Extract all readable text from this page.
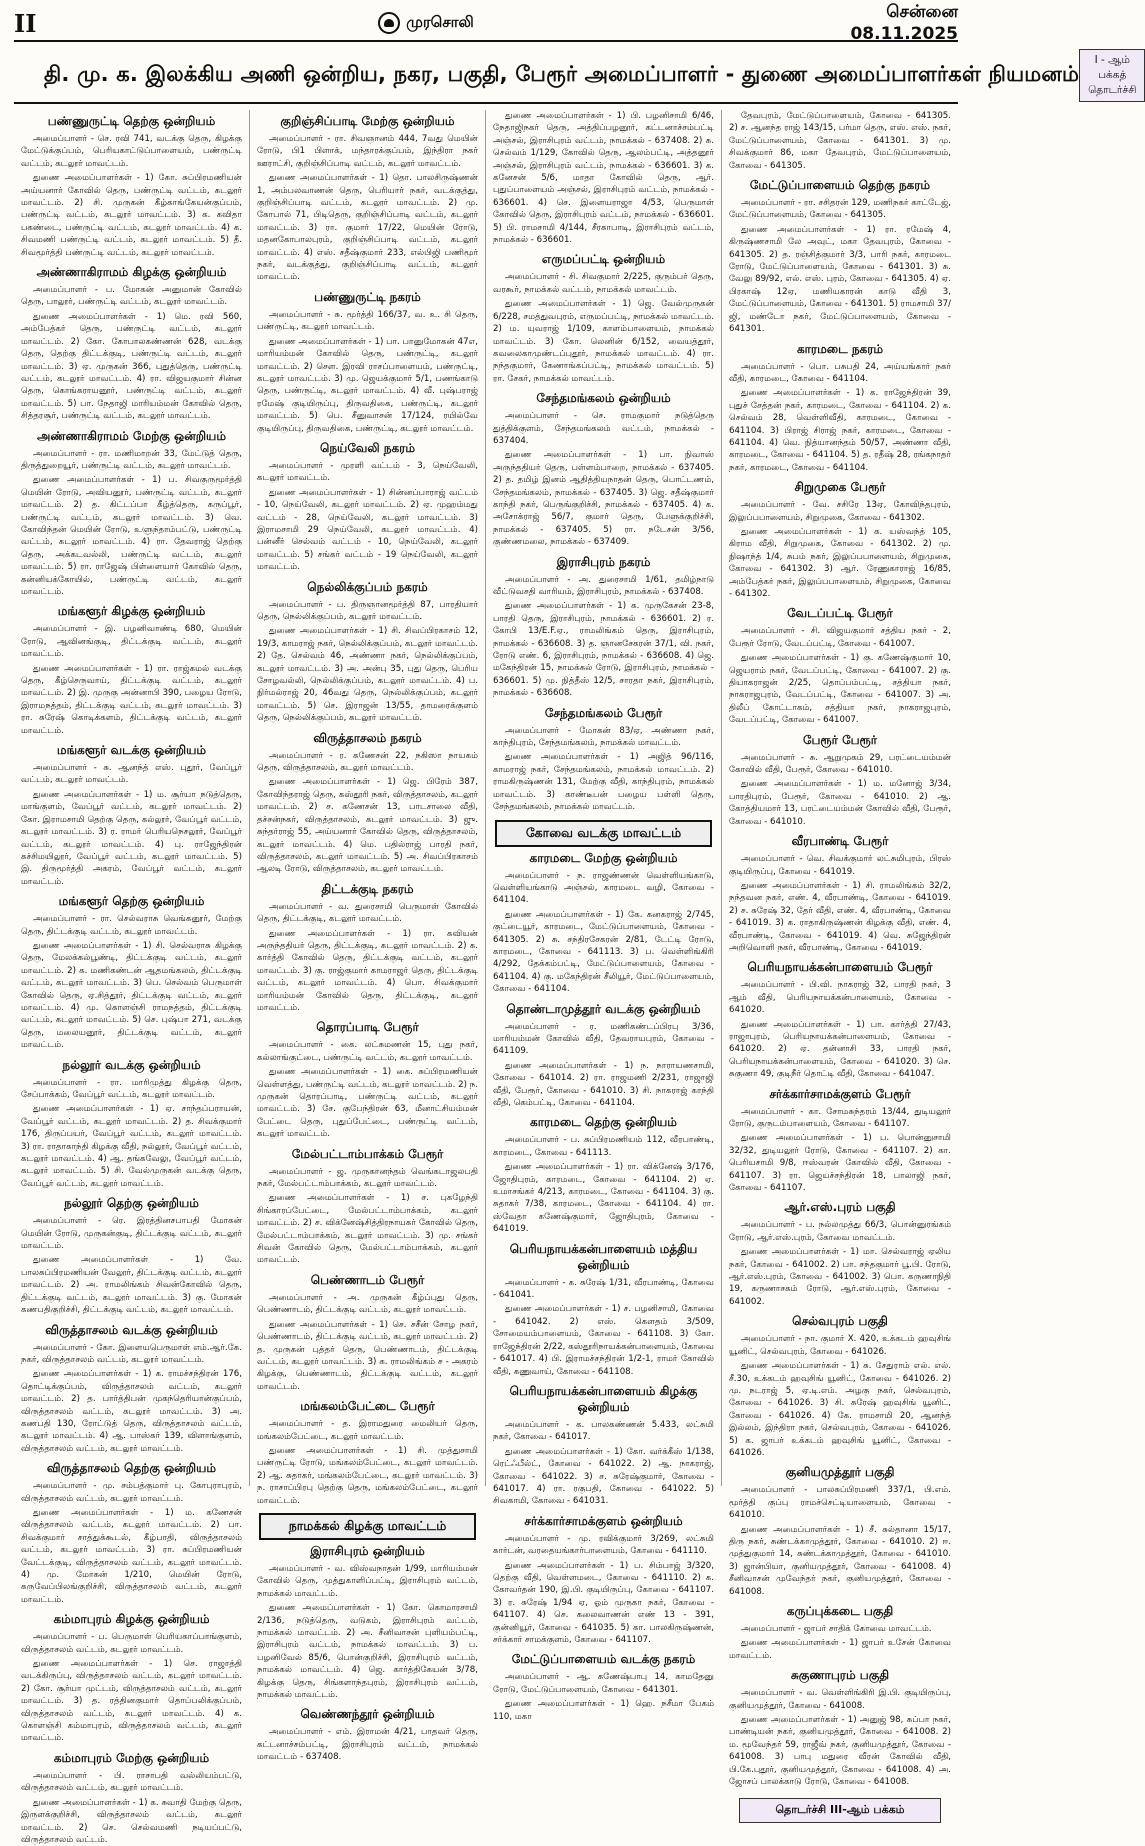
II	முரசொலி	சென்னை 08.11.2025
தி. மு. க. இலக்கிய அணி ஒன்றிய, நகர, பகுதி, பேரூர் அமைப்பாளர் - துணை அமைப்பாளர்கள் நியமனம்
I - ஆம் பக்கத் தொடர்ச்சி
பண்ணுருட்டி தெற்கு ஒன்றியம்

அமைப்பாளர் - செ. ரவி 741, வடக்கு தெரு, கிழக்கு மேட்டுக்குப்பம், பெரியகாட்டுப்பாளையம், பண்ருட்டி வட்டம், கடலூர் மாவட்டம்.

துணை அமைப்பாளர்கள் - 1) கோ. சுப்பிரமணியன் அய்யனார் கோவில் தெரு, பண்ருட்டி வட்டம், கடலூர் மாவட்டம். 2) சி. முருகன் கீழ்காங்கேயன்குப்பம், பண்ருட்டி வட்டம், கடலூர் மாவட்டம். 3) க. கவிதா பகண்டை, பண்ருட்டி வட்டம், கடலூர் மாவட்டம். 4) க. சிவமணி பண்ருட்டி வட்டம், கடலூர் மாவட்டம். 5) தீ. சிவமூர்த்தி பண்ருட்டி வட்டம், கடலூர் மாவட்டம்.

அண்ணாகிராமம் கிழக்கு ஒன்றியம்

அமைப்பாளர் - ப. மோகன் அனுமான் கோவில் தெரு, பாலூர், பண்ருட்டி வட்டம், கடலூர் மாவட்டம்.

துணை அமைப்பாளர்கள் - 1) மெ. ரவி 560, அம்பேத்கர் தெரு, பண்ருட்டி வட்டம், கடலூர் மாவட்டம். 2) கோ. கோபாலகண்ணன் 628, வடக்கு தெரு, தெற்கு திட்டக்குடி, பண்ருட்டி வட்டம், கடலூர் மாவட்டம். 3) ஏ. முருகன் 366, புதுத்தெரு, பண்ருட்டி வட்டம், கடலூர் மாவட்டம். 4) ரா. விஜயகுமார் சின்ன தெரு, கொங்கராயனூர், பண்ருட்டி வட்டம், கடலூர் மாவட்டம். 5) பா. நேதாஜி மாரியம்மன் கோவில் தெரு, சித்தரசூர், பண்ருட்டி வட்டம், கடலூர் மாவட்டம்.

அண்ணாகிராமம் மேற்கு ஒன்றியம்

அமைப்பாளர் - ரா. மணிமாறன் 33, மேட்டுத் தெரு, திருத்துறையூர், பண்ருட்டி வட்டம், கடலூர் மாவட்டம்.

துணை அமைப்பாளர்கள் - 1) ப. சிவகுருமூர்த்தி மெயின் ரோடு, அவியனூர், பண்ருட்டி வட்டம், கடலூர் மாவட்டம். 2) த. கிட்டப்பா கீழ்த்தெரு, கருப்பூர், பண்ருட்டி வட்டம், கடலூர் மாவட்டம். 3) வெ. கோவிந்தன் மெயின் ரோடு, உளுந்தாம்பட்டு, பண்ருட்டி வட்டம், கடலூர் மாவட்டம். 4) ரா. தேவராஜ் தெற்கு தெரு, அக்கடவல்லி, பண்ருட்டி வட்டம், கடலூர் மாவட்டம். 5) ரா. ராஜேஷ் பிள்ளையார் கோவில் தெரு, கன்னியக்கோயில், பண்ருட்டி வட்டம், கடலூர் மாவட்டம்.

மங்களூர் கிழக்கு ஒன்றியம்

அமைப்பாளர் - இ. பழனிவாண்டி 680, மெயின் ரோடு, ஆவினங்குடி, திட்டக்குடி வட்டம், கடலூர் மாவட்டம்.

துணை அமைப்பாளர்கள் - 1) ரா. ராஜ்கமல் வடக்கு தெரு, கீழ்செருவாய், திட்டக்குடி வட்டம், கடலூர் மாவட்டம். 2) இ. முருகு அன்னாபி 390, பழைய ரோடு, இராமநத்தம், திட்டக்குடி வட்டம், கடலூர் மாவட்டம். 3) ரா. சுரேஷ் கொடிக்களம், திட்டக்குடி வட்டம், கடலூர் மாவட்டம்.

மங்களூர் வடக்கு ஒன்றியம்

அமைப்பாளர் - சு. ஆனந்த் எஸ். புதூர், வேப்பூர் வட்டம், கடலூர் மாவட்டம்.

துணை அமைப்பாளர்கள் - 1) ம. சூர்யா நடுத்தெரு, மாங்குளம், வேப்பூர் வட்டம், கடலூர் மாவட்டம். 2) கோ. இராமசாமி தெற்கு தெரு, கல்லூர், வேப்பூர் வட்டம், கடலூர் மாவட்டம். 3) ர. ராமர் பெரியநெசலூர், வேப்பூர் வட்டம், கடலூர் மாவட்டம். 4) பு. ராஜேந்திரன் கச்சிமயிலூர், வேப்பூர் வட்டம், கடலூர் மாவட்டம். 5) இ. திருமூர்த்தி அகரம், வேப்பூர் வட்டம், கடலூர் மாவட்டம்.

மங்களூர் தெற்கு ஒன்றியம்

அமைப்பாளர் - ரா. செல்வராசு வெங்கனூர், மேற்கு தெரு, திட்டக்குடி வட்டம், கடலூர் மாவட்டம்.

துணை அமைப்பாளர்கள் - 1) சி. செல்வராசு கிழக்கு தெரு, மேலக்கல்பூண்டி, திட்டக்குடி வட்டம், கடலூர் மாவட்டம். 2) க. மணிகண்டன் ஆதமங்கலம், திட்டக்குடி வட்டம், கடலூர் மாவட்டம். 3) பெ. செல்வம் பெருமாள் கோவில் தெரு, ஏ.சித்தூர், திட்டக்குடி வட்டம், கடலூர் மாவட்டம். 4) மு. கொளஞ்சி ராமநத்தம், திட்டக்குடி வட்டம், கடலூர் மாவட்டம். 5) செ. புஷ்பா 271, வடக்கு தெரு, மலையனூர், திட்டக்குடி வட்டம், கடலூர் மாவட்டம்.

நல்லூர் வடக்கு ஒன்றியம்

அமைப்பாளர் - ரா. மாரிமுத்து கிழக்கு தெரு, சேப்பாக்கம், வேப்பூர் வட்டம், கடலூர் மாவட்டம்.

துணை அமைப்பாளர்கள் - 1) ஏ. சாந்தப்பராயன், வேப்பூர் வட்டம், கடலூர் மாவட்டம். 2) த. சிவக்குமார் 176, திருப்பயர், வேப்பூர் வட்டம், கடலூர் மாவட்டம். 3) ரா. ராதாகாந்தி கிழக்கு வீதி, நல்லூர், வேப்பூர் வட்டம், கடலூர் மாவட்டம். 4) ஆ. தங்கவேலு, வேப்பூர் வட்டம், கடலூர் மாவட்டம். 5) சி. வேல்முருகன் வடக்கு தெரு, வேப்பூர் வட்டம், கடலூர் மாவட்டம்.

நல்லூர் தெற்கு ஒன்றியம்

அமைப்பாளர் - ரெ. இரத்தினசபாபதி மோகன் மெயின் ரோடு, முருகன்குடி, திட்டக்குடி வட்டம், கடலூர் மாவட்டம்.

துணை அமைப்பாளர்கள் - 1) வே. பாலசுப்பிரமணியன் வேலூர், திட்டக்குடி வட்டம், கடலூர் மாவட்டம். 2) அ. ராமலிங்கம் சிவன்கோவில் தெரு, திட்டக்குடி வட்டம், கடலூர் மாவட்டம். 3) கு. மோகன் கணபதிகுறிச்சி, திட்டக்குடி வட்டம், கடலூர் மாவட்டம்.

விருத்தாசலம் வடக்கு ஒன்றியம்

அமைப்பாளர் - கோ. இளையபெருமாள் எம்.ஆர்.கே. நகர், விருத்தாசலம் வட்டம், கடலூர் மாவட்டம்.

துணை அமைப்பாளர்கள் - 1) க. ராமச்சந்திரன் 176, தொட்டிக்குப்பம், விருத்தாசலம் வட்டம், கடலூர் மாவட்டம். 2) த. பார்த்திபன் முகந்தெரியான்குப்பம், விருத்தாசலம் வட்டம், கடலூர் மாவட்டம். 3) அ. கணபதி 130, ரோட்டுத் தெரு, விருத்தாசலம் வட்டம், கடலூர் மாவட்டம். 4) ஆ. பாஸ்கர் 139, விளாங்குளம், விருத்தாசலம் வட்டம், கடலூர் மாவட்டம்.

விருத்தாசலம் தெற்கு ஒன்றியம்

அமைப்பாளர் - மு. சம்பத்குமார் பு. கோபுராபுரம், விருத்தாசலம் வட்டம், கடலூர் மாவட்டம்.

துணை அமைப்பாளர்கள் - 1) ம. கணேசன் விருத்தாசலம் வட்டம், கடலூர் மாவட்டம். 2) பா. சிவக்குமார் சாத்துக்கூடல், கீழ்பாதி, விருத்தாசலம் வட்டம், கடலூர் மாவட்டம். 3) ரா. சுப்பிரமணியன் வேட்டக்குடி, விருத்தாசலம் வட்டம், கடலூர் மாவட்டம். 4) மு. மோகன் 1/210, மெயின் ரோடு, கருவேப்பிலங்குறிச்சி, விருத்தாசலம் வட்டம், கடலூர் மாவட்டம்.

கம்மாபுரம் கிழக்கு ஒன்றியம்

அமைப்பாளர் - ப. பெருமாள் பெரியகாப்பாங்குளம், விருத்தாசலம் வட்டம், கடலூர் மாவட்டம்.

துணை அமைப்பாளர்கள் - 1) செ. ராஜாத்தி வடக்கிருப்பு, விருத்தாசலம் வட்டம், கடலூர் மாவட்டம். 2) கோ. சூர்யா முட்டம், விருத்தாசலம் வட்டம், கடலூர் மாவட்டம். 3) த. ரத்தினகுமார் தொப்பலிக்குப்பம், விருத்தாசலம் வட்டம், கடலூர் மாவட்டம். 4) க. கொளஞ்சி கம்மாபுரம், விருத்தாசலம் வட்டம், கடலூர் மாவட்டம்.

கம்மாபுரம் மேற்கு ஒன்றியம்

அமைப்பாளர் - பி. ராசாபதி வல்லியம்பட்டு, விருத்தாசலம் வட்டம், கடலூர் மாவட்டம்.

துணை அமைப்பாளர்கள் - 1) க. சுவாதி மேற்கு தெரு, இருளக்குறிச்சி, விருத்தாசலம் வட்டம், கடலூர் மாவட்டம். 2) செ. செல்வமணி நடியப்பட்டு, விருத்தாசலம் வட்டம்.

குறிஞ்சிப்பாடி மேற்கு ஒன்றியம்

அமைப்பாளர் - ரா. சிவஞானம் 444, 7வது மெயின் ரோடு, பி1 பிளாக், மந்தாரக்குப்பம், இந்திரா நகர் ஊராட்சி, குறிஞ்சிப்பாடி வட்டம், கடலூர் மாவட்டம்.

துணை அமைப்பாளர்கள் - 1) தொ. பாலசிருஷ்ணன் 1, அம்பலவாணன் தெரு, பெரியார் நகர், வடக்குத்து, குறிஞ்சிப்பாடி வட்டம், கடலூர் மாவட்டம். 2) மு. கோபால் 71, பிடிதெரு, குறிஞ்சிப்பாடி வட்டம், கடலூர் மாவட்டம். 3) ரா. குமார் 17/22, மெயின் ரோடு, மதனகோபாலபுரம், குறிஞ்சிப்பாடி வட்டம், கடலூர் மாவட்டம். 4) எஸ். சதீஷ்குமார் 233, எல்பிஜி பணிமூர் நகர், வடக்குத்து, குறிஞ்சிப்பாடி வட்டம், கடலூர் மாவட்டம்.

பண்ணுருட்டி நகரம்

அமைப்பாளர் - சு. மூர்த்தி 166/37, வ. உ. சி தெரு, பண்ருட்டி, கடலூர் மாவட்டம்.

துணை அமைப்பாளர்கள் - 1) பா. பானுமோகன் 47எ, மாரியம்மன் கோவில் தெரு, பண்ருட்டி, கடலூர் மாவட்டம். 2) சௌ. இரவி ராசப்பாளையம், பண்ருட்டி, கடலூர் மாவட்டம். 3) மு. ஜெயக்குமார் 5/1, பணங்காடு தெரு, பண்ருட்டி, கடலூர் மாவட்டம். 4) வீ. புஷ்பராஜ் ரமேஷ் குடியிருப்பு, திருவதிகை, பண்ருட்டி, கடலூர் மாவட்டம். 5) பெ. சீனுவாசன் 17/124, ரயில்வே குடியிருப்பு, திருவதிகை, பண்ருட்டி, கடலூர் மாவட்டம்.

நெய்வேலி நகரம்

அமைப்பாளர் - முரளி வட்டம் - 3, நெய்வேலி, கடலூர் மாவட்டம்.

துணை அமைப்பாளர்கள் - 1) சின்னப்பாராஜ் வட்டம் - 10, நெய்வேலி, கடலூர் மாவட்டம். 2) ஏ. முஹம்மது வட்டம் - 28, நெய்வேலி, கடலூர் மாவட்டம். 3) இராமசாமி 29 நெய்வேலி, கடலூர் மாவட்டம். 4) பன்னீர் செல்வம் வட்டம் - 10, நெய்வேலி, கடலூர் மாவட்டம். 5) சங்கர் வட்டம் - 19 நெய்வேலி, கடலூர் மாவட்டம்.

நெல்லிக்குப்பம் நகரம்

அமைப்பாளர் - ப. திருஞானமூர்த்தி 87, பாரதியார் தெரு, நெல்லிக்குப்பம், கடலூர் மாவட்டம்.

துணை அமைப்பாளர்கள் - 1) சி. சிவப்பிரகாசம் 12, 19/3, காமராஜ் நகர், நெல்லிக்குப்பம், கடலூர் மாவட்டம். 2) தே. செல்வம் 46, அண்ணா நகர், நெல்லிக்குப்பம், கடலூர் மாவட்டம். 3) அ. அன்பு 35, புது தெரு, பெரிய சோழவல்லி, நெல்லிக்குப்பம், கடலூர் மாவட்டம். 4) ப. நிர்மல்ராஜ் 20, 46வது தெரு, நெல்லிக்குப்பம், கடலூர் மாவட்டம். 5) செ. இராஜன் 13/55, தாமரைக்குளம் தெரு, நெல்லிக்குப்பம், கடலூர் மாவட்டம்.

விருத்தாசலம் நகரம்

அமைப்பாளர் - ர. கணேசன் 22, நகிஸா நாயகம் தெரு, விருத்தாசலம், கடலூர் மாவட்டம்.

துணை அமைப்பாளர்கள் - 1) ஜெ. பிரேம் 387, கோவிந்தராஜ் தெரு, கஸ்தூரி நகர், விருத்தாசலம், கடலூர் மாவட்டம். 2) ச. கணேசன் 13, பாடசாலை வீதி, தச்சன்நகர், விருத்தாசலம், கடலூர் மாவட்டம். 3) ஜு. சுந்தர்ராஜ் 55, அய்யனார் கோவில் தெரு, விருத்தாசலம், கடலூர் மாவட்டம். 4) மெ. பதில்ராஜ் பாரதி நகர், விருத்தாசலம், கடலூர் மாவட்டம். 5) அ. சிவப்பிரகாசம் ஆலடி ரோடு, விருத்தாசலம், கடலூர் மாவட்டம்.

திட்டக்குடி நகரம்

அமைப்பாளர் - வ. துரைசாமி பெருமாள் கோவில் தெரு, திட்டக்குடி, கடலூர் மாவட்டம்.

துணை அமைப்பாளர்கள் - 1) ரா. கவியன் அருந்ததியர் தெரு, திட்டக்குடி, கடலூர் மாவட்டம். 2) க. கார்த்தி கோவில் தெரு, திட்டக்குடி வட்டம், கடலூர் மாவட்டம். 3) கு. ராஜ்குமார் காமராஜர் தெரு, திட்டக்குடி வட்டம், கடலூர் மாவட்டம். 4) பொ. சிவக்குமார் மாரியம்மன் கோவில் தெரு, திட்டக்குடி, கடலூர் மாவட்டம்.

தொரப்பாடி பேரூர்

அமைப்பாளர் - கை. லட்சுமணன் 15, புது நகர், கல்லாங்குட்டை, பண்ருட்டி வட்டம், கடலூர் மாவட்டம்.

துணை அமைப்பாளர்கள் - 1) கை. சுப்பிரமணியன் வெள்ளத்து, பண்ருட்டி வட்டம், கடலூர் மாவட்டம். 2) ந. முருகன் தொரப்பாடி, பண்ருட்டி வட்டம், கடலூர் மாவட்டம். 3) சே. குபேந்திரன் 63, மீனாட்சியம்மன் பேட்டை தெரு, புதுப்பேட்டை, பண்ருட்டி வட்டம், கடலூர் மாவட்டம்.

மேல்பட்டாம்பாக்கம் பேரூர்

அமைப்பாளர் - ஜ. முருகானந்தம் வெங்கடாஜலபதி நகர், மேல்பட்டாம்பாக்கம், கடலூர் மாவட்டம்.

துணை அமைப்பாளர்கள் - 1) ச. புகழேந்தி சிங்காரப்பேட்டை, மேல்பட்டாம்பாக்கம், கடலூர் மாவட்டம். 2) ச. விக்னேஷ்சித்திரநாயகர் கோவில் தெரு, மேல்பட்டாம்பாக்கம், கடலூர் மாவட்டம். 3) மு. சங்கர் சிவன் கோவில் தெரு, மேல்பட்டாம்பாக்கம், கடலூர் மாவட்டம்.

பெண்ணாடம் பேரூர்

அமைப்பாளர் - அ. முருகன் கீழ்ப்புது தெரு, பெண்ணாடம், திட்டக்குடி வட்டம், கடலூர் மாவட்டம்.

துணை அமைப்பாளர்கள் - 1) செ. சசீன் சோழ நகர், பெண்ணாடம், திட்டக்குடி வட்டம், கடலூர் மாவட்டம். 2) த. முருகன் புத்தர் தெரு, பெண்ணாடம், திட்டக்குடி வட்டம், கடலூர் மாவட்டம். 3) க. ராமலிங்கம் ச - அகரம் கிழக்கு, பெண்ணாடம், திட்டக்குடி வட்டம், கடலூர் மாவட்டம்.

மங்கலம்பேட்டை பேரூர்

அமைப்பாளர் - த. இராமதுரை மைலியர் தெரு, மங்கலம்பேட்டை, கடலூர் மாவட்டம்.

துணை அமைப்பாளர்கள் - 1) சி. முத்துசாமி பண்ருட்டி ரோடு, மங்கலம்பேட்டை, கடலூர் மாவட்டம். 2) ஆ. சுதாகர், மங்கலம்பேட்டை, கடலூர் மாவட்டம். 3) ந. ராசாப்பிரபு தெற்கு தெரு, மங்கலம்பேட்டை, கடலூர் மாவட்டம்.

நாமக்கல் கிழக்கு மாவட்டம்
இராசிபுரம் ஒன்றியம்

அமைப்பாளர் - வ. விஸ்வநாதன் 1/99, மாரியம்மன் கோவில் தெரு, முத்துகாளிப்பட்டி, இராசிபுரம் வட்டம், நாமக்கல் மாவட்டம்.

துணை அமைப்பாளர்கள் - 1) கோ. கொமாரசாமி 2/136, நடுத்தெரு, வடுகம், இராசிபுரம் வட்டம், நாமக்கல் மாவட்டம். 2) அ. சீனிவாசன் புளியம்பட்டி, இராசிபுரம் வட்டம், நாமக்கல் மாவட்டம். 3) ப. பழனிவேல் 85/6, பொன்குறிச்சி, இராசிபுரம் வட்டம், நாமக்கல் மாவட்டம். 4) ஜெ. கார்த்திகேயன் 3/78, கிழக்கு தெரு, சிங்களாந்தபுரம், இராசிபுரம் வட்டம், நாமக்கல் மாவட்டம்.

வெண்ணந்தூர் ஒன்றியம்

அமைப்பாளர் - எம். இராமன் 4/21, பாதவர் தெரு, கட்டனாச்சம்பட்டி, இராசிபுரம் வட்டம், நாமக்கல் மாவட்டம் - 637408.

துணை அமைப்பாளர்கள் - 1) பி. பழனிசாமி 6/46, நேதாஜிநகர் தெரு, அத்திப்பழனூர், கட்டனாச்சம்பட்டி அஞ்சல், இராசிபுரம் வட்டம், நாமக்கல் - 637408. 2) சு. செல்வம் 1/129, கோவில் தெரு, ஆலம்பட்டி, அத்தனூர் அஞ்சல், இராசிபுரம் வட்டம், நாமக்கல் - 636601. 3) க. கனேசன் 5/6, மாதா கோவில் தெரு, ஆர். புதுப்பாளையம் அஞ்சல், இராசிபுரம் வட்டம், நாமக்கல் - 636601. 4) செ. இளையராஜா 4/53, பெருமாள் கோவில் தெரு, இராசிபுரம் வட்டம், நாமக்கல் - 636601. 5) பி. ராமசாமி 4/144, சீரகாபாடி, இராசிபுரம் வட்டம், நாமக்கல் - 636601.

எருமப்பட்டி ஒன்றியம்

அமைப்பாளர் - சி. சிவகுமார் 2/225, குரும்பர் தெரு, வரகூர், நாமக்கல் வட்டம், நாமக்கல் மாவட்டம்.

துணை அமைப்பாளர்கள் - 1) ஜெ. வேல்முருகன் 6/228, சமத்துவபுரம், எருமப்பட்டி, நாமக்கல் மாவட்டம். 2) ம. யுவராஜ் 1/109, காளம்பாளையம், நாமக்கல் மாவட்டம். 3) கோ. லெனின் 6/152, வையத்தூர், கவலைகாமுண்டப்புதூர், நாமக்கல் மாவட்டம். 4) ரா. நந்தகுமார், கேணாங்கப்பட்டி, நாமக்கல் மாவட்டம். 5) ரா. சேகர், நாமக்கல் மாவட்டம்.

சேந்தமங்கலம் ஒன்றியம்

அமைப்பாளர் - செ. ராமகுமார் நடுத்தெரு துத்திக்குளம், சேந்தமங்கலம் வட்டம், நாமக்கல் - 637404.

துணை அமைப்பாளர்கள் - 1) பா. நிவாஸ் அருந்ததியர் தெரு, பள்ளம்பாறை, நாமக்கல் - 637405. 2) த. தமிழ் இனம் ஆதித்தியநாதன் தெரு, பொட்டணம், சேந்தமங்கலம், நாமக்கல் - 637405. 3) ஜெ. சதீஷ்குமார் காந்தி நகர், பெருங்குறிச்சி, நாமக்கல் - 637405. 4) க. அசோக்ராஜ் 56/7, குமார் தெரு, பேளுக்குறிச்சி, நாமக்கல் - 637405. 5) ரா. நடேசன் 3/56, குண்ணமலை, நாமக்கல் - 637409.

இராசிபுரம் நகரம்

அமைப்பாளர் - அ. துரைசாமி 1/61, தமிழ்நாடு வீட்டுவசதி வாரியம், இராசிபுரம், நாமக்கல் - 637408.

துணை அமைப்பாளர்கள் - 1) க. முருகேசன் 23-8, பாரதி தெரு, இராசிபுரம், நாமக்கல் - 636601. 2) ர. கோபி 13/E.F.ஏ., ராமலிங்கம் தெரு, இராசிபுரம், நாமக்கல் - 636608. 3) த. ஞானசேகரன் 37/1, வி. நகர், ரோடு எண். 6, இராசிபுரம், நாமக்கல் - 636608. 4) ஜெ. மகேந்திரன் 15, நாமக்கல் ரோடு, இராசிபுரம், நாமக்கல் - 636601. 5) மு. நித்தீஸ் 12/5, சாரதா நகர், இராசிபுரம், நாமக்கல் - 636608.

சேந்தமங்கலம் பேரூர்

அமைப்பாளர் - மோகன் 83/ஏ, அண்ணா நகர், காந்திபுரம், சேந்தமங்கலம், நாமக்கல் மாவட்டம்.

துணை அமைப்பாளர்கள் - 1) அஜித் 96/116, காமராஜ் நகர், சேந்தமங்கலம், நாமக்கல் மாவட்டம். 2) ராமகிருஷ்ணன் 131, மேற்கு வீதி, காந்திபுரம், நாமக்கல் மாவட்டம். 3) காண்டீபன் பழைய பள்ளி தெரு, சேந்தமங்கலம், நாமக்கல் மாவட்டம்.

கோவை வடக்கு மாவட்டம்
காரமடை மேற்கு ஒன்றியம்

அமைப்பாளர் - ந. ராஜண்ணன் வெள்ளியங்காடு, வெள்ளியங்காடு அஞ்சல், காரமடை வழி, கோவை - 641104.

துணை அமைப்பாளர்கள் - 1) கே. கனகராஜ் 2/745, குட்டையூர், காரமடை, மேட்டுப்பாளையம், கோவை - 641305. 2) சு. சந்திரசேகரன் 2/81, டேட்டி ரோடு, காரமடை, கோவை - 641113. 3) ப. வெள்ளிங்கிரி 4/292, தேக்கம்பட்டி, மேட்டுப்பாளையம், கோவை - 641104. 4) கு. மகேந்திரன் சீலியூர், மேட்டுப்பாளையம், கோவை - 641104.

தொண்டாமுத்தூர் வடக்கு ஒன்றியம்

அமைப்பாளர் - ர. மணிகண்டப்பிரபு 3/36, மாரியம்மன் கோவில் வீதி, தேவராயபுரம், கோவை - 641109.

துணை அமைப்பாளர்கள் - 1) ந. நாராயணசாமி, கோவை - 641014. 2) ரா. ராஜமணி 2/231, ராஜாஜி வீதி, பேரூர், கோவை - 641010. 3) சி. நாகராஜ் காந்தி வீதி, கெம்பட்டி, கோவை - 641104.

காரமடை தெற்கு ஒன்றியம்

அமைப்பாளர் - ப. சுப்பிரமணியம் 112, வீரபாண்டி, காரமடை, கோவை - 641113.

துணை அமைப்பாளர்கள் - 1) ரா. விக்னேஷ் 3/176, ஜோதிபுரம், காரமடை, கோவை - 641104. 2) ஏ. உமாசங்கர் 4/213, காரமடை, கோவை - 641104. 3) கு. சுதாகர் 7/38, காரமடை, கோவை - 641104. 4) ரா. ஸ்வேதா கணேஷ்குமார், ஜோதிபுரம், கோவை - 641019.

பெரியநாயக்கன்பாளையம் மத்திய ஒன்றியம்

அமைப்பாளர் - க. சுரேஷ் 1/31, வீரபாண்டி, கோவை - 641041.

துணை அமைப்பாளர்கள் - 1) ச. பழனிசாமி, கோவை - 641042. 2) எஸ். கௌதம் 3/509, சோமையம்பாளையம், கோவை - 641108. 3) கோ. ராஜேந்திரன் 2/22, கஸ்தூரிநாயக்கன்பாளையம், கோவை - 641017. 4) பி. இராமச்சந்திரன் 1/2-1, ராமர் கோவில் வீதி, கணுவாய், கோவை - 641108.

பெரியநாயக்கன்பாளையம் கிழக்கு ஒன்றியம்

அமைப்பாளர் - க. பாலகண்ணன் 5.433, லட்சுமி நகர், கோவை - 641017.

துணை அமைப்பாளர்கள் - 1) கோ. வர்க்கீஸ் 1/138, ரெட்ஃபீல்ட், கோவை - 641022. 2) ஆ. நாகராஜ், கோவை - 641022. 3) ச. சுரேஷ்குமார், கோவை - 641017. 4) ரா. ரகுபதி, கோவை - 641022. 5) சிவகாமி, கோவை - 641031.

சர்க்கார்சாமக்குளம் ஒன்றியம்

அமைப்பாளர் - மு. ரவிக்குமார் 3/269, லட்சுமி கார்டன், வரதையங்கார்பாளையம், கோவை - 641110.

துணை அமைப்பாளர்கள் - 1) ப. சிம்பாஜ் 3/320, தெற்கு வீதி, வெள்ளமடை, கோவை - 641110. 2) க. கோவர்தன் 190, இ.பி. குடியிருப்பு, கோவை - 641107. 3) ர. சுரேஷ் 1/94 ஏ, ஓம் முருகா நகர், கோவை - 641107. 4) செ. கலைவாணன் எண் 13 - 391, குன்னியூர், கோவை - 641035. 5) கா. பாலகிருஷ்ணன், சர்க்கார் சாமக்குளம், கோவை - 641107.

மேட்டுப்பாளையம் வடக்கு நகரம்

அமைப்பாளர் - ஆ. கணேஷ்பாபு 14, காமதேனு ரோடு, மேட்டுப்பாளையம், கோவை - 641301.

துணை அமைப்பாளர்கள் - 1) ஹெ. நசீமா பேகம் 110, மகா

தேவபுரம், மேட்டுப்பாளையம், கோவை - 641305. 2) ச. ஆனந்த ராஜ் 143/15, பர்மா தெரு, எஸ். எஸ். நகர், மேட்டுப்பாளையம், கோவை - 641301. 3) மு. சிவக்குமார் 86, மகா தேவபுரம், மேட்டுப்பாளையம், கோவை - 641305.

மேட்டுப்பாளையம் தெற்கு நகரம்

அமைப்பாளர் - ரா. சசிதரன் 129, மணிநகர் காட்டேஜ், மேட்டுப்பாளையம், கோவை - 641305.

துணை அமைப்பாளர்கள் - 1) ரா. ரமேஷ் 4, கிருஷ்ணசாமி லே அவுட், மகா தேவபுரம், கோவை - 641305. 2) த. ரஞ்சித்குமார் 3/3, பாரி நகர், காரமடை ரோடு, மேட்டுப்பாளையம், கோவை - 641301. 3) சு. வேலு 89/92, எல். எஸ். புரம், கோவை - 641305. 4) ஏ. பிரகாஷ் 12ஏ, மணியகாரன் காடு வீதி 3, மேட்டுப்பாளையம், கோவை - 641301. 5) ராமசாமி 37/ஜி, மண்டோ நகர், மேட்டுப்பாளையம், கோவை - 641301.

காரமடை நகரம்

அமைப்பாளர் - பொ. பசுபதி 24, அய்யங்கார் நகர் வீதி, காரமடை, கோவை - 641104.

துணை அமைப்பாளர்கள் - 1) க. ராஜேந்திரன் 39, புதுச் சேத்தன் நகர், காரமடை, கோவை - 641104. 2) க. செல்வம் 28, வெள்ளிவீதி, காரமடை, கோவை - 641104. 3) பிராஜ் சிராஜ் நகர், காரமடை, கோவை - 641104. 4) வெ. நித்யானந்தம் 50/57, அண்ணா வீதி, காரமடை, கோவை - 641104. 5) த. ரதீஷ் 28, ரங்கநாதர் நகர், காரமடை, கோவை - 641104.

சிறுமுகை பேரூர்

அமைப்பாளர் - வே. சசிரே 13ஏ, கோவிந்தபுரம், இலுப்பபாளையம், சிறுமுகை, கோவை - 641302.

துணை அமைப்பாளர்கள் - 1) க. யஸ்வந்த் 105, கிராம வீதி, சிறுமுகை, கோவை - 641302. 2) மு. நிஷாந்த் 1/4, சுபம் நகர், இலுப்பபாளையம், சிறுமுகை, கோவை - 641302. 3) ஆர். ரேணுகாராஜ் 16/85, அம்பேத்கர் நகர், இலுப்பபாளையம், சிறுமுகை, கோவை - 641302.

வேடப்பட்டி பேரூர்

அமைப்பாளர் - சி. விஜயகுமார் சத்திய நகர் - 2, பேரூர் ரோடு, வேடப்பட்டி, கோவை - 641007.

துணை அமைப்பாளர்கள் - 1) கு. கணேஷ்குமார் 10, ஜெயராம் நகர், வேடப்பட்டி, கோவை - 641007. 2) கு. தியாகராஜன் 2/25, தொப்பம்பட்டி, சத்தியா நகர், நாகராஜபுரம், வேடப்பட்டி, கோவை - 641007. 3) அ. திலீப் கோட்டாகம், சத்தியா நகர், நாகராஜபுரம், வேடப்பட்டி, கோவை - 641007.

பேரூர் பேரூர்

அமைப்பாளர் - சு. ஆறுமுகம் 29, பரட்டையம்மன் கோவில் வீதி, பேரூர், கோவை - 641010.

துணை அமைப்பாளர்கள் - 1) ம. மனோஜ் 3/34, பாரதிபுரம், பேரூர், கோவை - 641010. 2) ஆ. கோத்தியமார் 13, பரட்டையம்மன் கோவில் வீதி, பேரூர், கோவை - 641010.

வீரபாண்டி பேரூர்

அமைப்பாளர் - வெ. சிவக்குமார் லட்சுமிபுரம், பிரஸ் குடியிருப்பு, கோவை - 641019.

துணை அமைப்பாளர்கள் - 1) சி. ராமலிங்கம் 32/2, நந்தவன நகர், எண். 4, வீரபாண்டி, கோவை - 641019. 2) ச. சுரேஷ் 32, தேர் வீதி, எண். 4, வீரபாண்டி, கோவை - 641019. 3) க. ராதாகிருஷ்ணன் கிழக்கு வீதி, எண். 4, வீரபாண்டி, கோவை - 641019. 4) வெ. சுஜேந்திரன் அறிவொளி நகர், வீரபாண்டி, கோவை - 641019.

பெரியநாயக்கன்பாளையம் பேரூர்

அமைப்பாளர் - பி.வி. நாகராஜ் 32, பாரதி நகர், 3 ஆம் வீதி, பெரியநாயக்கன்பாளையம், கோவை - 641020.

துணை அமைப்பாளர்கள் - 1) பா. கார்த்தி 27/43, ராஜாபுரம், பெரியநாயக்கன்பாளையம், கோவை - 641020. 2) ஏ. தன்னாசி 33, பாரதி நகர், பெரியநாயக்கன்பாளையம், கோவை - 641020. 3) செ. சுகுணா 49, குடிநீர் தொட்டி வீதி, கோவை - 641047.

சர்க்கார்சாமக்குளம் பேரூர்

அமைப்பாளர் - கா. சோமசுந்தரம் 13/44, துடியலூர் ரோடு, குருடம்பாளையம், கோவை - 641107.

துணை அமைப்பாளர்கள் - 1) ப. பொன்னுசாமி 32/32, துடியலூர் ரோடு, கோவை - 641107. 2) கா. பெரியசாமி 9/8, ஈஸ்வரன் கோவில் வீதி, கோவை - 641107. 3) ரா. ஜெயச்சந்திரன் 18, பாலாஜி நகர், கோவை - 641107.

ஆர்.எஸ்.புரம் பகுதி

அமைப்பாளர் - ப. நல்லமுத்து 66/3, பொன்னுரங்கம் ரோடு, ஆர்.எஸ்.புரம், கோவை மாவட்டம்.

துணை அமைப்பாளர்கள் - 1) மா. செல்வராஜ் ஏலிய நகர், கோவை - 641002. 2) பா. சந்தகுமார் பூ.பி. ரோடு, ஆர்.எஸ்.புரம், கோவை - 641002. 3) பொ. கருணாநிதி 19, கருணாசகம் ரோடு, ஆர்.எஸ்.புரம், கோவை - 641002.

செல்வபுரம் பகுதி

அமைப்பாளர் - நா. குமார் X. 420, உக்கடம் ஹவுசிங் யூனிட், செல்வபுரம், கோவை - 641026.

துணை அமைப்பாளர்கள் - 1) சு. சேதுராம் எல். எல். சீ.30, உக்கடம் ஹவுசிங் யூனிட், கோவை - 641026. 2) மு. நடராஜ் 5, ஏ.டி.எம். அழகு நகர், செல்வபுரம், கோவை - 641026. 3) சி. சுரேஷ் ஹவுசிங் யூனிட், கோவை - 641026. 4) கே. ராமசாமி 20, ஆனந்த் இல்லம், இந்திரா நகர், செல்வபுரம், கோவை - 641026. 5) க. ஜாபர் உக்கடம் ஹவுசிங் யூனிட், கோவை - 641026.

குனியமுத்தூர் பகுதி

அமைப்பாளர் - பாலசுப்பிரமணி 337/1, பி.எம். மூர்த்தி குப்பு ராமச்செட்டியாளையம், கோவை - 641010.

துணை அமைப்பாளர்கள் - 1) சீ. சுல்தானா 15/17, திரு நகர், சுண்டக்காமுத்தூர், கோவை - 641010. 2) ஈ. முத்துகுமார் 14, சுண்டக்காமுத்தூர், கோவை - 641010. 3) ஜான்பியா, குனியமுத்தூர், கோவை - 641008. 4) சீனிவாசன் முவேந்தர் நகர், குனியமுத்தூர், கோவை - 641008.

கருப்புக்கடை பகுதி

அமைப்பாளர் - ஜாபர் சாதிக் கோவை மாவட்டம்.

துணை அமைப்பாளர்கள் - 1) ஜாபர் உசேன் கோவை மாவட்டம்.

சுகுணாபுரம் பகுதி

அமைப்பாளர் - வ. வெள்ளிங்கிரி இ.பி. குடியிருப்பு, குனியமுத்தூர், கோவை - 641008.

துணை அமைப்பாளர்கள் - 1) அனுஜ் 98, சுப்பா நகர், பாண்டியன் நகர், குனியமுத்தூர், கோவை - 641008. 2) ம. மூவேந்தர் 59, ராஜீவ் நகர், குனியமுத்தூர், கோவை - 641008. 3) பாபு மதுரை வீரன் கோவில் வீதி, பி.கே.புதூர், குனியமுத்தூர், கோவை - 641008. 4) அ. ஜோசப் பாலக்காடு ரோடு, கோவை - 641008.

தொடர்ச்சி III-ஆம் பக்கம்
